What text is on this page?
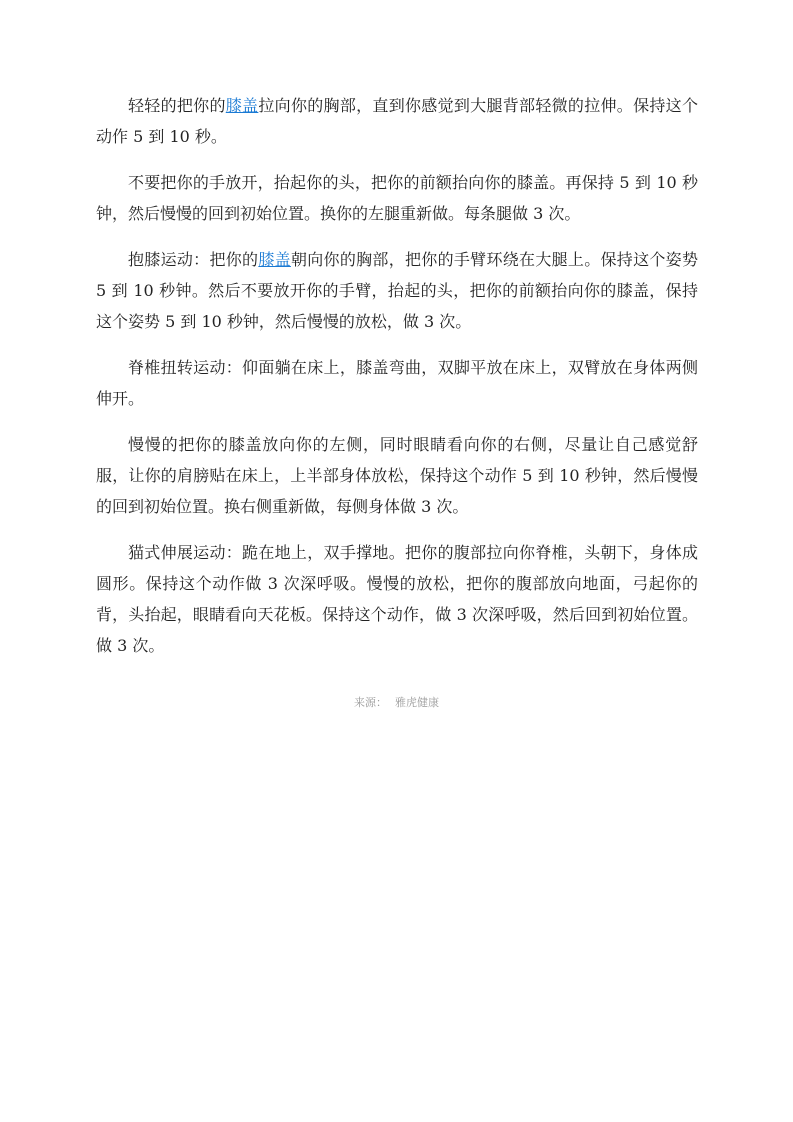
轻轻的把你的膝盖拉向你的胸部，直到你感觉到大腿背部轻微的拉伸。保持这个动作 5 到 10 秒。

不要把你的手放开，抬起你的头，把你的前额抬向你的膝盖。再保持 5 到 10 秒钟，然后慢慢的回到初始位置。换你的左腿重新做。每条腿做 3 次。

抱膝运动：把你的膝盖朝向你的胸部，把你的手臂环绕在大腿上。保持这个姿势 5 到 10 秒钟。然后不要放开你的手臂，抬起的头，把你的前额抬向你的膝盖，保持这个姿势 5 到 10 秒钟，然后慢慢的放松，做 3 次。

脊椎扭转运动：仰面躺在床上，膝盖弯曲，双脚平放在床上，双臂放在身体两侧伸开。

慢慢的把你的膝盖放向你的左侧，同时眼睛看向你的右侧，尽量让自己感觉舒服，让你的肩膀贴在床上，上半部身体放松，保持这个动作 5 到 10 秒钟，然后慢慢的回到初始位置。换右侧重新做，每侧身体做 3 次。

猫式伸展运动：跪在地上，双手撑地。把你的腹部拉向你脊椎，头朝下，身体成圆形。保持这个动作做 3 次深呼吸。慢慢的放松，把你的腹部放向地面，弓起你的背，头抬起，眼睛看向天花板。保持这个动作，做 3 次深呼吸，然后回到初始位置。做 3 次。

来源： 雅虎健康
